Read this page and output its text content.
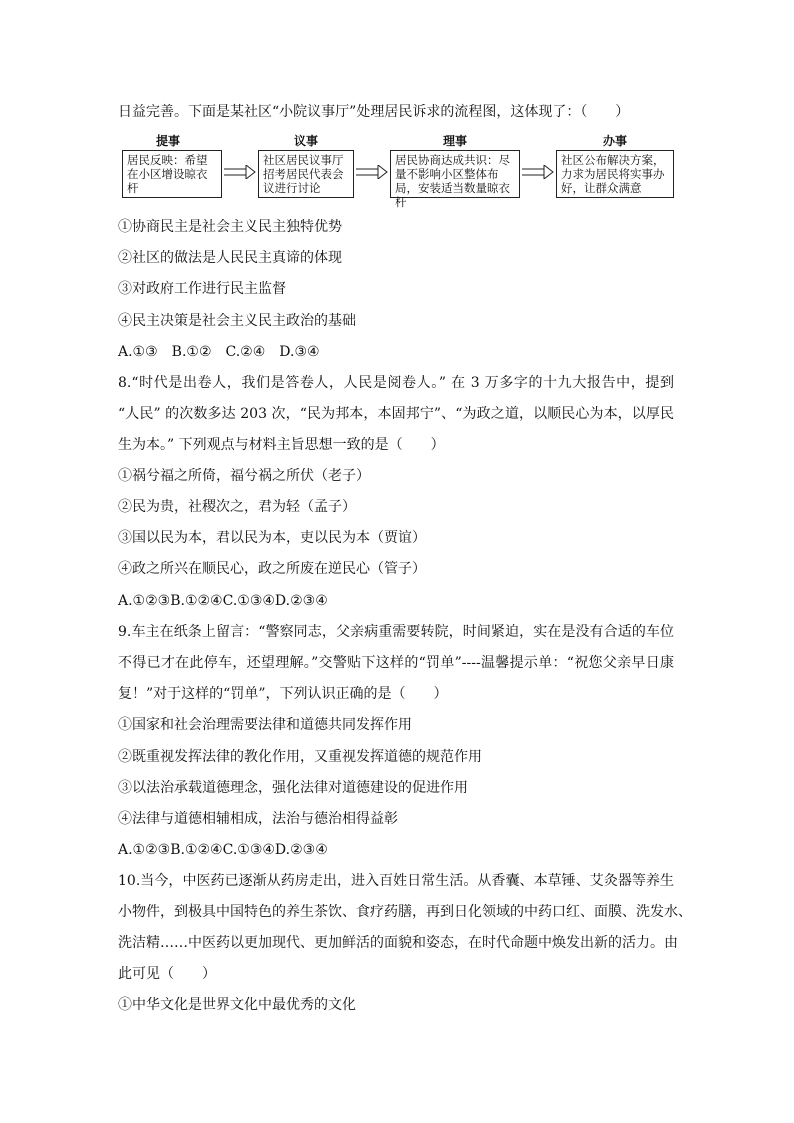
日益完善。下面是某社区“小院议事厅”处理居民诉求的流程图，这体现了：（　　）
提事
居民反映：希望在小区增设晾衣杆
议事
社区居民议事厅招考居民代表会议进行讨论
理事
居民协商达成共识：尽量不影响小区整体布局，安装适当数量晾衣杆
办事
社区公布解决方案，力求为居民将实事办好，让群众满意
①协商民主是社会主义民主独特优势
②社区的做法是人民民主真谛的体现
③对政府工作进行民主监督
④民主决策是社会主义民主政治的基础
A.①③　B.①②　C.②④　D.③④
8.“时代是出卷人，我们是答卷人，人民是阅卷人。” 在 3 万多字的十九大报告中，提到
“人民” 的次数多达 203 次，“民为邦本，本固邦宁”、“为政之道，以顺民心为本，以厚民
生为本。” 下列观点与材料主旨思想一致的是（　　）
①祸兮福之所倚，福兮祸之所伏（老子）
②民为贵，社稷次之，君为轻（孟子）
③国以民为本，君以民为本，吏以民为本（贾谊）
④政之所兴在顺民心，政之所废在逆民心（管子）
A.①②③B.①②④C.①③④D.②③④
9.车主在纸条上留言：“警察同志，父亲病重需要转院，时间紧迫，实在是没有合适的车位
不得已才在此停车，还望理解。”交警贴下这样的“罚单”----温馨提示单：“祝您父亲早日康
复！”对于这样的“罚单”，下列认识正确的是（　　）
①国家和社会治理需要法律和道德共同发挥作用
②既重视发挥法律的教化作用，又重视发挥道德的规范作用
③以法治承载道德理念，强化法律对道德建设的促进作用
④法律与道德相辅相成，法治与德治相得益彰
A.①②③B.①②④C.①③④D.②③④
10.当今，中医药已逐渐从药房走出，进入百姓日常生活。从香囊、本草锤、艾灸器等养生
小物件，到极具中国特色的养生茶饮、食疗药膳，再到日化领域的中药口红、面膜、洗发水、
洗洁精……中医药以更加现代、更加鲜活的面貌和姿态，在时代命题中焕发出新的活力。由
此可见（　　）
①中华文化是世界文化中最优秀的文化
